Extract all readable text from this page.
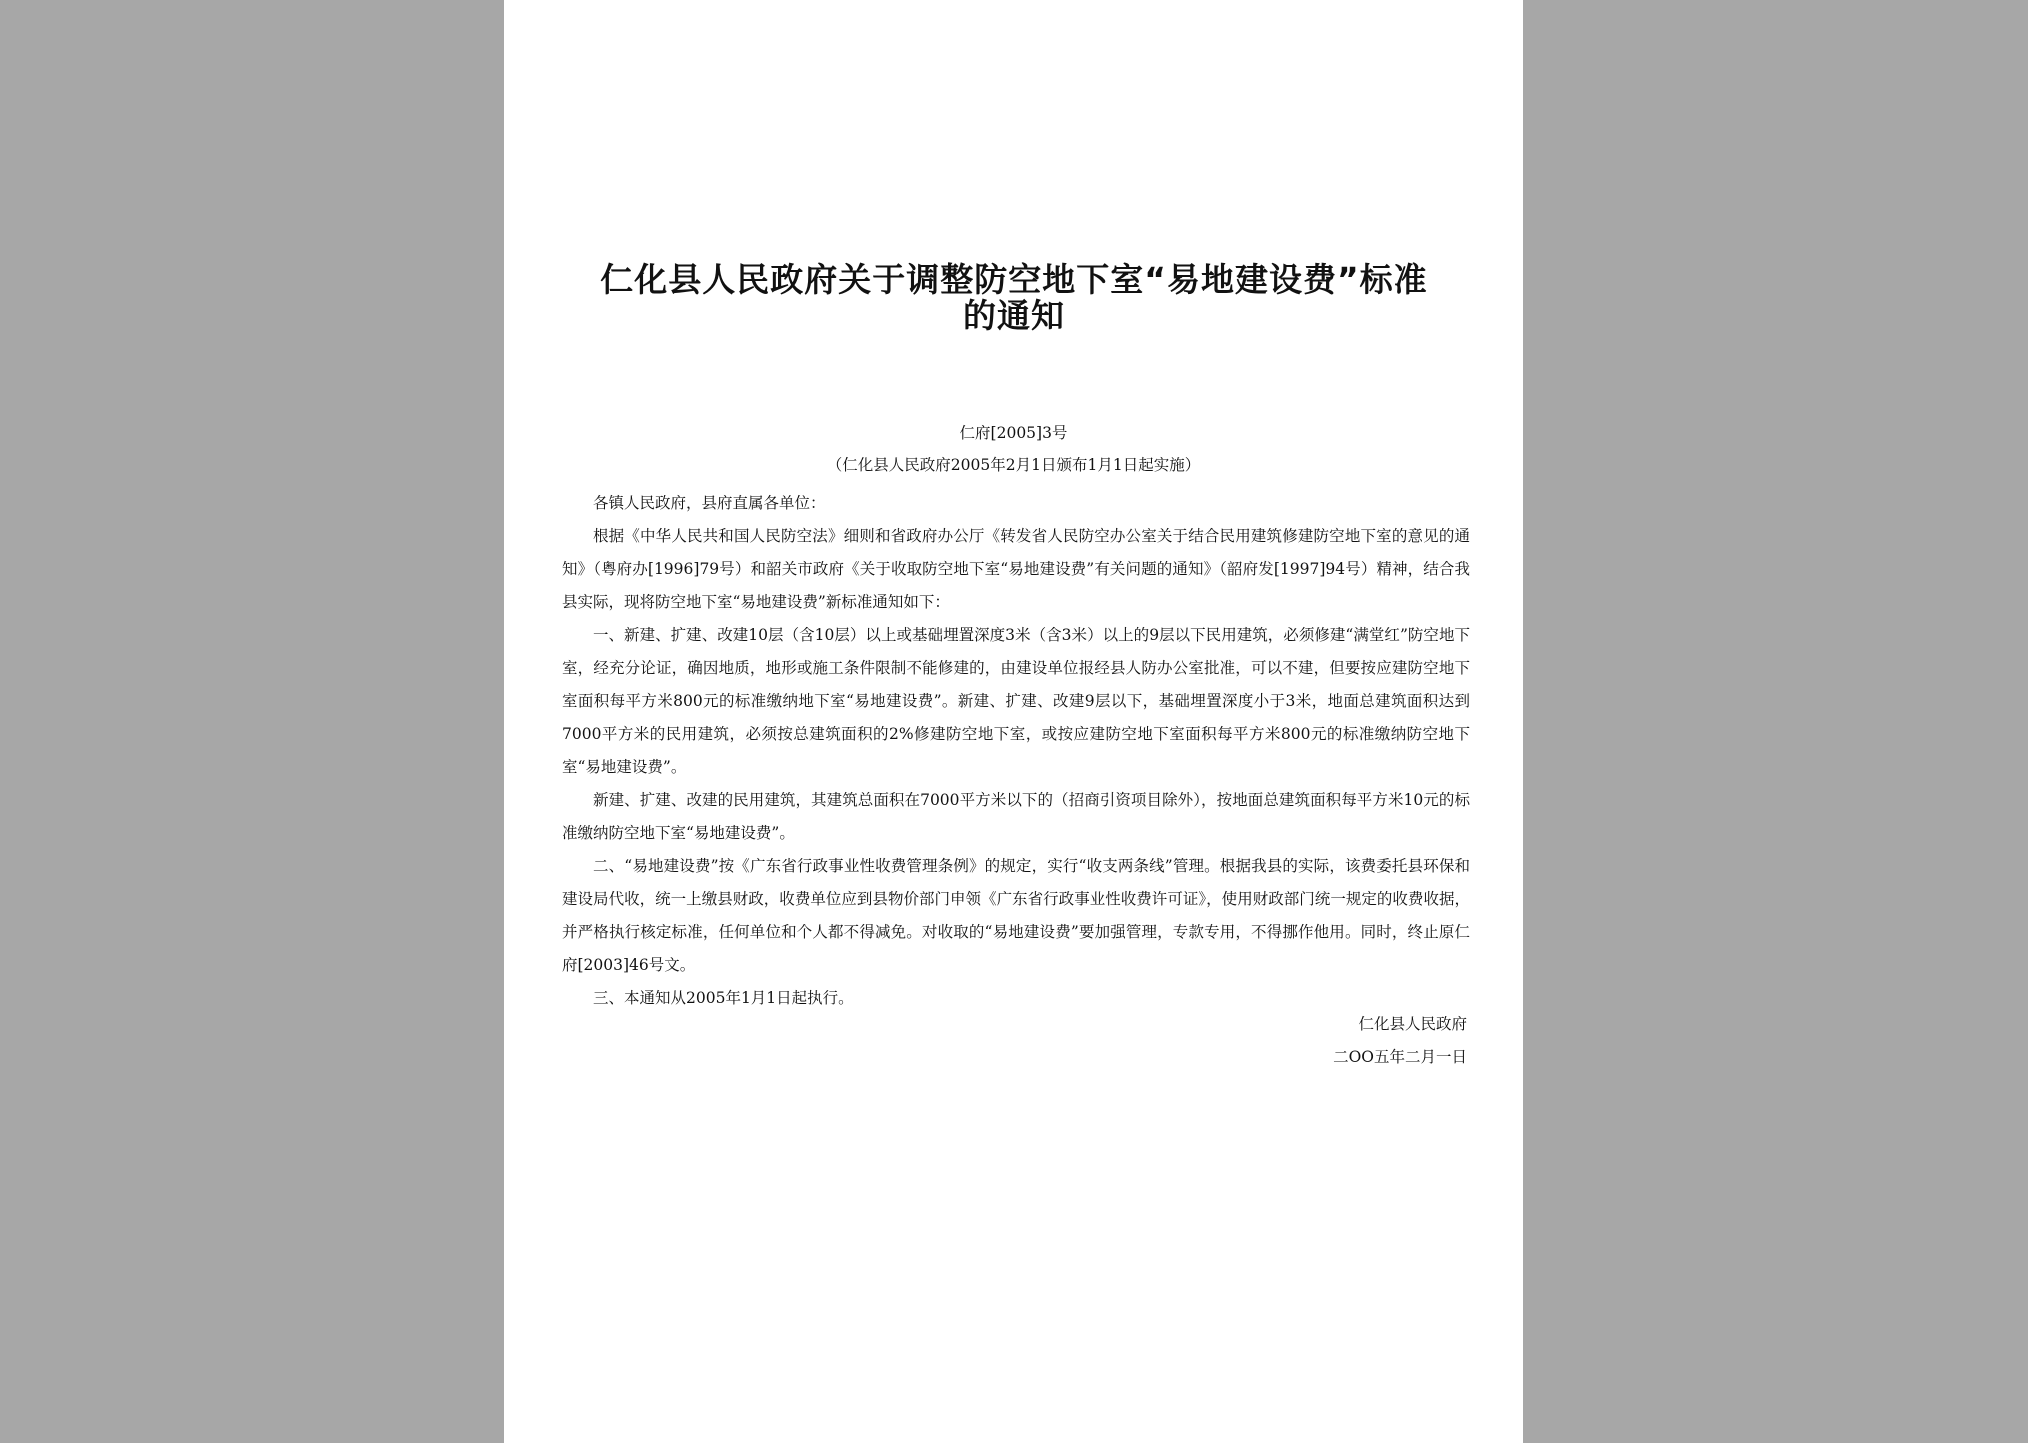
仁化县人民政府关于调整防空地下室“易地建设费”标准的通知
仁府[2005]3号
（仁化县人民政府2005年2月1日颁布1月1日起实施）

各镇人民政府，县府直属各单位：

根据《中华人民共和国人民防空法》细则和省政府办公厅《转发省人民防空办公室关于结合民用建筑修建防空地下室的意见的通知》（粤府办[1996]79号）和韶关市政府《关于收取防空地下室“易地建设费”有关问题的通知》（韶府发[1997]94号）精神，结合我县实际，现将防空地下室“易地建设费”新标准通知如下：

一、新建、扩建、改建10层（含10层）以上或基础埋置深度3米（含3米）以上的9层以下民用建筑，必须修建“满堂红”防空地下室，经充分论证，确因地质，地形或施工条件限制不能修建的，由建设单位报经县人防办公室批准，可以不建，但要按应建防空地下室面积每平方米800元的标准缴纳地下室“易地建设费”。新建、扩建、改建9层以下，基础埋置深度小于3米，地面总建筑面积达到7000平方米的民用建筑，必须按总建筑面积的2%修建防空地下室，或按应建防空地下室面积每平方米800元的标准缴纳防空地下室“易地建设费”。

新建、扩建、改建的民用建筑，其建筑总面积在7000平方米以下的（招商引资项目除外），按地面总建筑面积每平方米10元的标准缴纳防空地下室“易地建设费”。

二、“易地建设费”按《广东省行政事业性收费管理条例》的规定，实行“收支两条线”管理。根据我县的实际，该费委托县环保和建设局代收，统一上缴县财政，收费单位应到县物价部门申领《广东省行政事业性收费许可证》，使用财政部门统一规定的收费收据，并严格执行核定标准，任何单位和个人都不得减免。对收取的“易地建设费”要加强管理，专款专用，不得挪作他用。同时，终止原仁府[2003]46号文。

三、本通知从2005年1月1日起执行。

仁化县人民政府
二OO五年二月一日
